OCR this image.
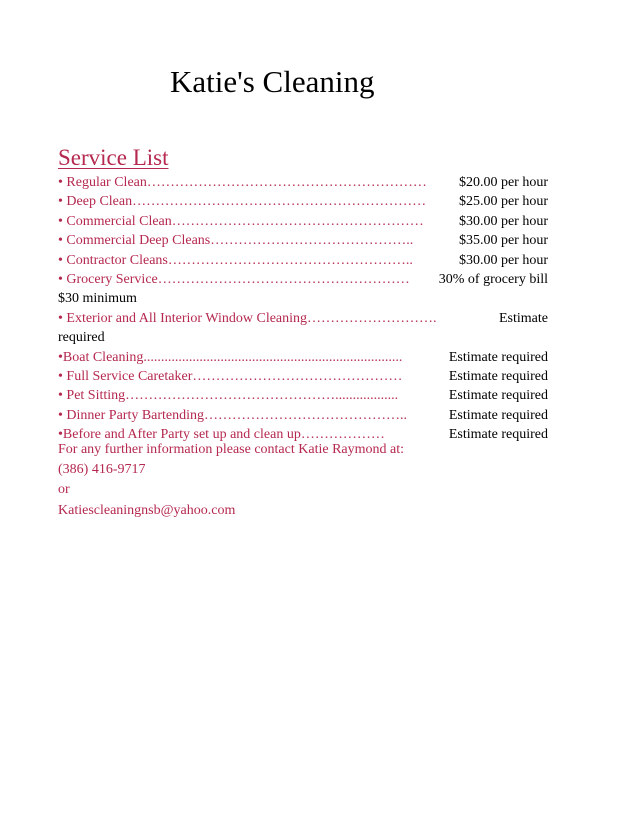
Katie's Cleaning
Service List
• Regular Clean ……………………………………………………	$20.00 per hour
• Deep Clean ………………………………………………………	$25.00 per hour
• Commercial Clean ………………………………………………	$30.00 per hour
• Commercial Deep Cleans ……………………………………..	$35.00 per hour
• Contractor Cleans ……………………………………………..	$30.00 per hour
• Grocery Service ………………………………………………	30% of grocery bill
$30 minimum
• Exterior and All Interior Window Cleaning ……………………….	Estimate
required
•Boat Cleaning ..........................................................................	Estimate required
• Full Service Caretaker ………………………………………	Estimate required
• Pet Sitting ………………………………………..................	Estimate required
• Dinner Party Bartending ……………………………………..	Estimate required
•Before and After Party set up and clean up ………………	Estimate required
For any further information please contact Katie Raymond at:
(386) 416-9717
or
Katiescleaningnsb@yahoo.com
